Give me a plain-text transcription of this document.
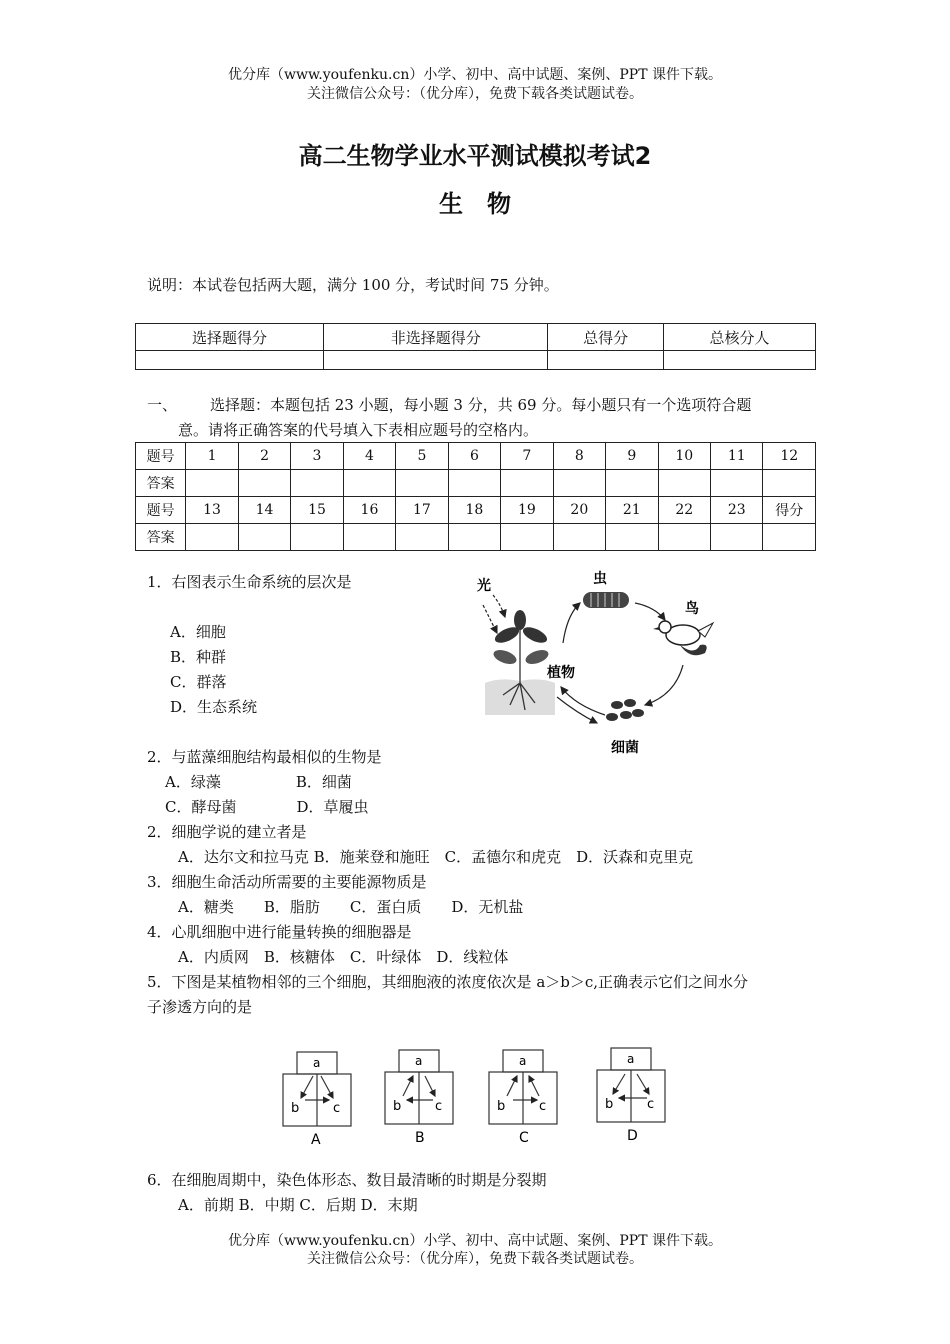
优分库（www.youfenku.cn）小学、初中、高中试题、案例、PPT 课件下载。
关注微信公众号：（优分库），免费下载各类试题试卷。
高二生物学业水平测试模拟考试2
生　物
说明：本试卷包括两大题，满分 100 分，考试时间 75 分钟。
选择题得分	非选择题得分	总得分	总核分人

一、 选择题：本题包括 23 小题，每小题 3 分，共 69 分。每小题只有一个选项符合题
意。请将正确答案的代号填入下表相应题号的空格内。
题号	1	2	3	4	5	6	7	8	9	10	11	12
答案												
题号	13	14	15	16	17	18	19	20	21	22	23	得分
答案												
1．右图表示生命系统的层次是
A．细胞
B．种群
C．群落
D．生态系统
光
植物
虫
鸟
细菌
2．与蓝藻细胞结构最相似的生物是
A．绿藻　　　　　B．细菌
C．酵母菌　　　　D．草履虫
2．细胞学说的建立者是
A．达尔文和拉马克 B．施莱登和施旺　C．孟德尔和虎克　D．沃森和克里克
3．细胞生命活动所需要的主要能源物质是
A．糖类　　B．脂肪　　C．蛋白质　　D．无机盐
4．心肌细胞中进行能量转换的细胞器是
A．内质网　B．核糖体　C．叶绿体　D．线粒体
5．下图是某植物相邻的三个细胞，其细胞液的浓度依次是 a＞b＞c,正确表示它们之间水分
子渗透方向的是
a
b	c
A
a
b	c
B
a
b	c
C
a
b	c
D
6．在细胞周期中，染色体形态、数目最清晰的时期是分裂期
A．前期 B．中期 C．后期 D．末期
优分库（www.youfenku.cn）小学、初中、高中试题、案例、PPT 课件下载。
关注微信公众号：（优分库），免费下载各类试题试卷。
